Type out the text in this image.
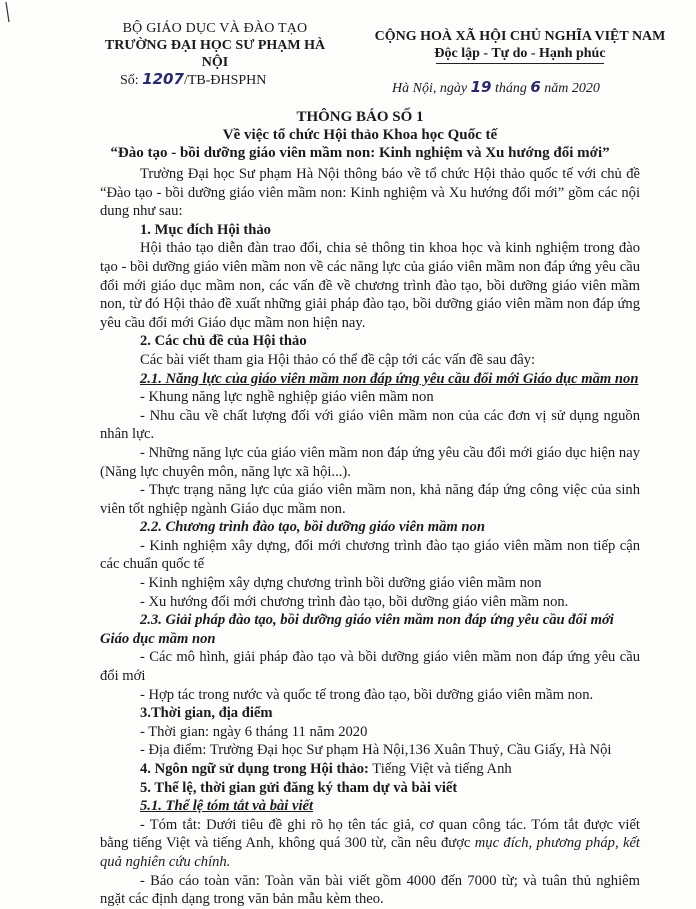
BỘ GIÁO DỤC VÀ ĐÀO TẠO
TRƯỜNG ĐẠI HỌC SƯ PHẠM HÀ NỘI
Số: 1207/TB-ĐHSPHN
CỘNG HOÀ XÃ HỘI CHỦ NGHĨA VIỆT NAM
Độc lập - Tự do - Hạnh phúc
Hà Nội, ngày 19 tháng 6 năm 2020
THÔNG BÁO SỐ 1
Về việc tổ chức Hội thảo Khoa học Quốc tế
“Đào tạo - bồi dưỡng giáo viên mầm non: Kinh nghiệm và Xu hướng đổi mới”

Trường Đại học Sư phạm Hà Nội thông báo về tổ chức Hội thảo quốc tế với chủ đề “Đào tạo - bồi dưỡng giáo viên mầm non: Kinh nghiệm và Xu hướng đổi mới” gồm các nội dung như sau:

1. Mục đích Hội thảo

Hội thảo tạo diễn đàn trao đổi, chia sẻ thông tin khoa học và kinh nghiệm trong đào tạo - bồi dưỡng giáo viên mầm non về các năng lực của giáo viên mầm non đáp ứng yêu cầu đổi mới giáo dục mầm non, các vấn đề về chương trình đào tạo, bồi dưỡng giáo viên mầm non, từ đó Hội thảo đề xuất những giải pháp đào tạo, bồi dưỡng giáo viên mầm non đáp ứng yêu cầu đổi mới Giáo dục mầm non hiện nay.

2. Các chủ đề của Hội thảo

Các bài viết tham gia Hội thảo có thể đề cập tới các vấn đề sau đây:

2.1. Năng lực của giáo viên mầm non đáp ứng yêu cầu đổi mới Giáo dục mầm non

- Khung năng lực nghề nghiệp giáo viên mầm non

- Nhu cầu về chất lượng đối với giáo viên mầm non của các đơn vị sử dụng nguồn nhân lực.

- Những năng lực của giáo viên mầm non đáp ứng yêu cầu đổi mới giáo dục hiện nay (Năng lực chuyên môn, năng lực xã hội...).

- Thực trạng năng lực của giáo viên mầm non, khả năng đáp ứng công việc của sinh viên tốt nghiệp ngành Giáo dục mầm non.

2.2. Chương trình đào tạo, bồi dưỡng giáo viên mầm non

- Kinh nghiệm xây dựng, đổi mới chương trình đào tạo giáo viên mầm non tiếp cận các chuẩn quốc tế

- Kinh nghiệm xây dựng chương trình bồi dưỡng giáo viên mầm non

- Xu hướng đổi mới chương trình đào tạo, bồi dưỡng giáo viên mầm non.

2.3. Giải pháp đào tạo, bồi dưỡng giáo viên mầm non đáp ứng yêu cầu đổi mới Giáo dục mầm non

- Các mô hình, giải pháp đào tạo và bồi dưỡng giáo viên mầm non đáp ứng yêu cầu đổi mới

- Hợp tác trong nước và quốc tế trong đào tạo, bồi dưỡng giáo viên mầm non.

3.Thời gian, địa điểm

- Thời gian: ngày 6 tháng 11 năm 2020

- Địa điểm: Trường Đại học Sư phạm Hà Nội,136 Xuân Thuỷ, Cầu Giấy, Hà Nội

4. Ngôn ngữ sử dụng trong Hội thảo: Tiếng Việt và tiếng Anh

5. Thể lệ, thời gian gửi đăng ký tham dự và bài viết

5.1. Thể lệ tóm tắt và bài viết

- Tóm tắt: Dưới tiêu đề ghi rõ họ tên tác giả, cơ quan công tác. Tóm tắt được viết bằng tiếng Việt và tiếng Anh, không quá 300 từ, cần nêu được mục đích, phương pháp, kết quả nghiên cứu chính.

- Báo cáo toàn văn: Toàn văn bài viết gồm 4000 đến 7000 từ; và tuân thủ nghiêm ngặt các định dạng trong văn bản mẫu kèm theo.
